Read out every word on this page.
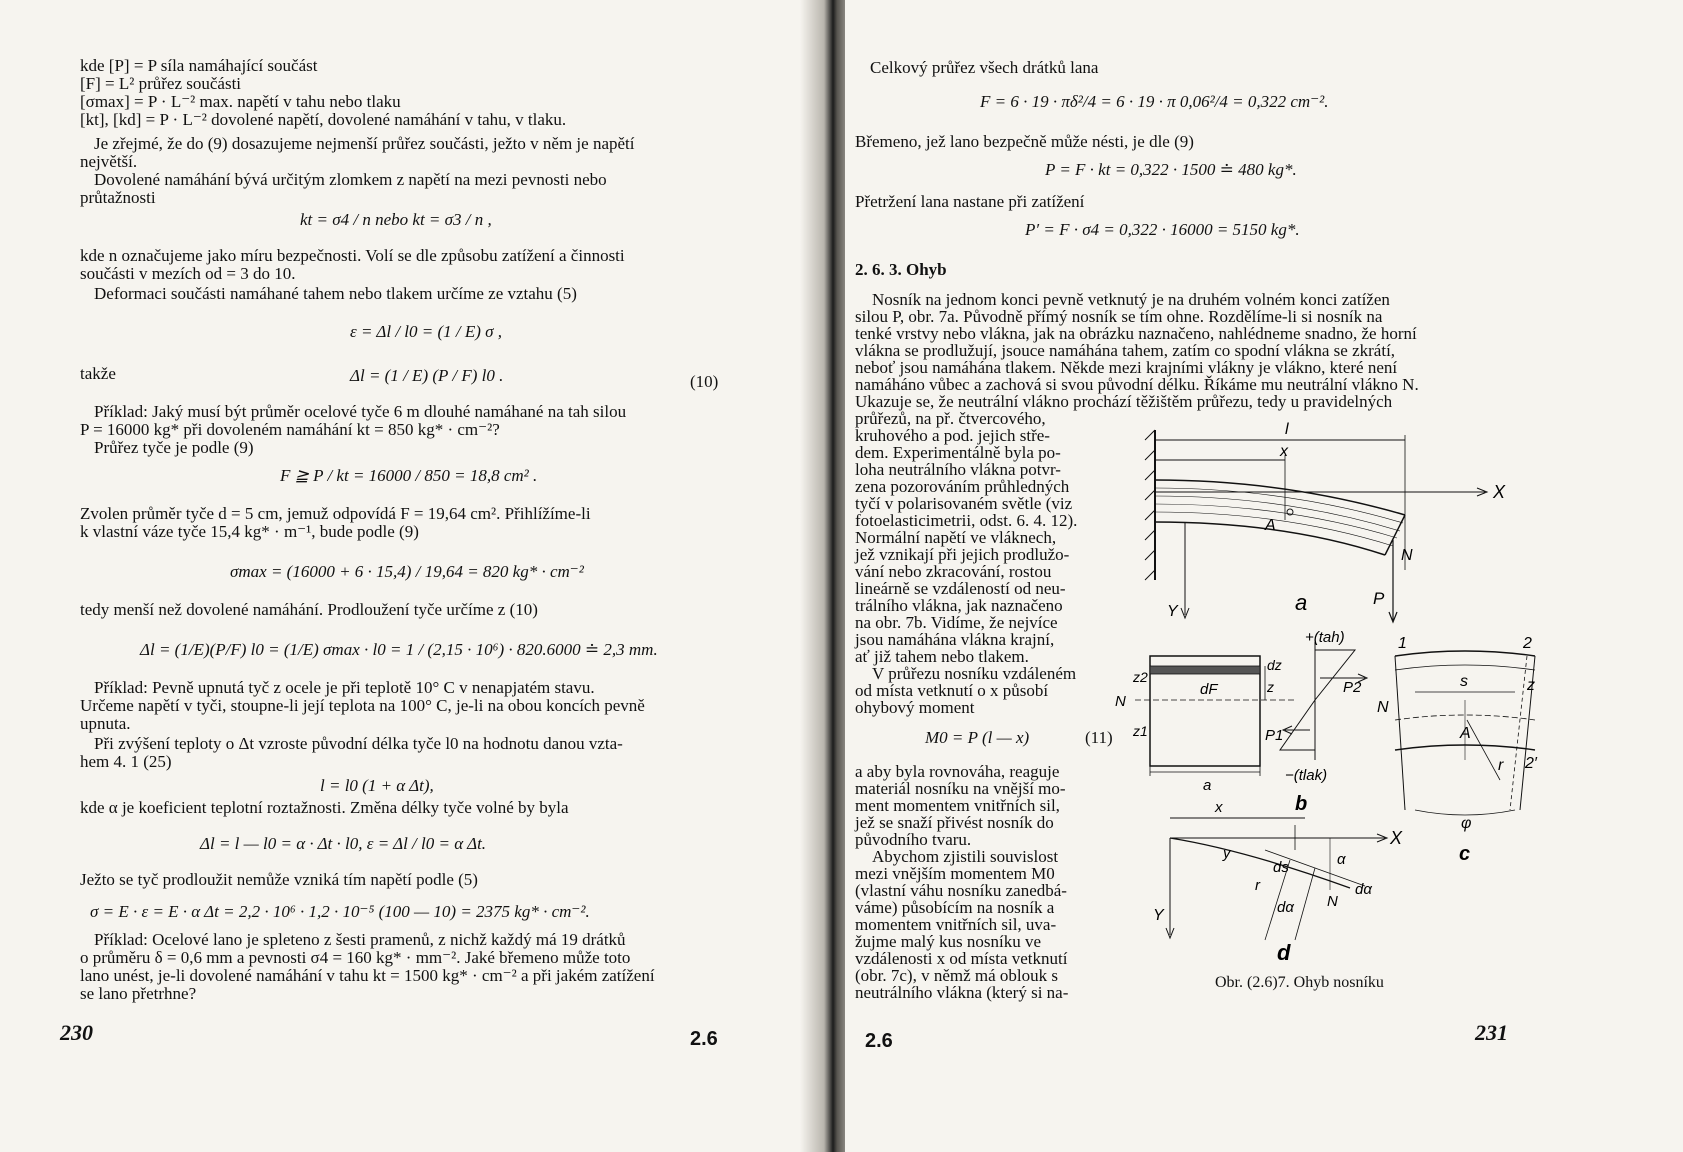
kde [P] = P síla namáhající součást
[F] = L² průřez součásti
[σmax] = P · L⁻² max. napětí v tahu nebo tlaku
[kt], [kd] = P · L⁻² dovolené napětí, dovolené namáhání v tahu, v tlaku.
Je zřejmé, že do (9) dosazujeme nejmenší průřez součásti, ježto v něm je napětí
největší.
Dovolené namáhání bývá určitým zlomkem z napětí na mezi pevnosti nebo
průtažnosti
kt = σ4 / n nebo kt = σ3 / n ,
kde n označujeme jako míru bezpečnosti. Volí se dle způsobu zatížení a činnosti
součásti v mezích od = 3 do 10.
Deformaci součásti namáhané tahem nebo tlakem určíme ze vztahu (5)
ε = Δl / l0 = (1 / E) σ ,
takže	Δl = (1 / E) (P / F) l0 .	(10)
Příklad: Jaký musí být průměr ocelové tyče 6 m dlouhé namáhané na tah silou
P = 16000 kg* při dovoleném namáhání kt = 850 kg* · cm⁻²?
Průřez tyče je podle (9)
F ≧ P / kt = 16000 / 850 = 18,8 cm² .
Zvolen průměr tyče d = 5 cm, jemuž odpovídá F = 19,64 cm². Přihlížíme-li
k vlastní váze tyče 15,4 kg* · m⁻¹, bude podle (9)
σmax = (16000 + 6 · 15,4) / 19,64 = 820 kg* · cm⁻²
tedy menší než dovolené namáhání. Prodloužení tyče určíme z (10)
Δl = (1/E)(P/F) l0 = (1/E) σmax · l0 = 1 / (2,15 · 10⁶) · 820.6000 ≐ 2,3 mm.
Příklad: Pevně upnutá tyč z ocele je při teplotě 10° C v nenapjatém stavu.
Určeme napětí v tyči, stoupne-li její teplota na 100° C, je-li na obou koncích pevně
upnuta.
Při zvýšení teploty o Δt vzroste původní délka tyče l0 na hodnotu danou vzta-
hem 4. 1 (25)
l = l0 (1 + α Δt),
kde α je koeficient teplotní roztažnosti. Změna délky tyče volné by byla
Δl = l — l0 = α · Δt · l0, ε = Δl / l0 = α Δt.
Ježto se tyč prodloužit nemůže vzniká tím napětí podle (5)
σ = E · ε = E · α Δt = 2,2 · 10⁶ · 1,2 · 10⁻⁵ (100 — 10) = 2375 kg* · cm⁻².
Příklad: Ocelové lano je spleteno z šesti pramenů, z nichž každý má 19 drátků
o průměru δ = 0,6 mm a pevnosti σ4 = 160 kg* · mm⁻². Jaké břemeno může toto
lano unést, je-li dovolené namáhání v tahu kt = 1500 kg* · cm⁻² a při jakém zatížení
se lano přetrhne?
230	2.6
Celkový průřez všech drátků lana
F = 6 · 19 · πδ²/4 = 6 · 19 · π 0,06²/4 = 0,322 cm⁻².
Břemeno, jež lano bezpečně může nésti, je dle (9)
P = F · kt = 0,322 · 1500 ≐ 480 kg*.
Přetržení lana nastane při zatížení
P′ = F · σ4 = 0,322 · 16000 = 5150 kg*.
2. 6. 3. Ohyb
Nosník na jednom konci pevně vetknutý je na druhém volném konci zatížen
silou P, obr. 7a. Původně přímý nosník se tím ohne. Rozdělíme-li si nosník na
tenké vrstvy nebo vlákna, jak na obrázku naznačeno, nahlédneme snadno, že horní
vlákna se prodlužují, jsouce namáhána tahem, zatím co spodní vlákna se zkrátí,
neboť jsou namáhána tlakem. Někde mezi krajními vlákny je vlákno, které není
namáháno vůbec a zachová si svou původní délku. Říkáme mu neutrální vlákno N.
Ukazuje se, že neutrální vlákno prochází těžištěm průřezu, tedy u pravidelných
průřezů, na př. čtvercového,
kruhového a pod. jejich stře-
dem. Experimentálně byla po-
loha neutrálního vlákna potvr-
zena pozorováním průhledných
tyčí v polarisovaném světle (viz
fotoelasticimetrii, odst. 6. 4. 12).
Normální napětí ve vláknech,
jež vznikají při jejich prodlužo-
vání nebo zkracování, rostou
lineárně se vzdáleností od neu-
trálního vlákna, jak naznačeno
na obr. 7b. Vidíme, že nejvíce
jsou namáhána vlákna krajní,
ať již tahem nebo tlakem.
V průřezu nosníku vzdáleném
od místa vetknutí o x působí
ohybový moment
M0 = P (l — x)	(11)
a aby byla rovnováha, reaguje
materiál nosníku na vnější mo-
ment momentem vnitřních sil,
jež se snaží přivést nosník do
původního tvaru.
Abychom zjistili souvislost
mezi vnějším momentem M0
(vlastní váhu nosníku zanedbá-
váme) působícím na nosník a
momentem vnitřních sil, uva-
žujme malý kus nosníku ve
vzdálenosti x od místa vetknutí
(obr. 7c), v němž má oblouk s
neutrálního vlákna (který si na-
x
l
X
A
N
Y
P
a
+(tah)
−(tlak)
dz
dF	z
z2
z1
N
P2
P1
a
b
1	2
2′
s	z
N
A
r
φ
c
x
X
y
ds
r
dα
dα
α
N
Y
d
Obr. (2.6)7. Ohyb nosníku
2.6	231
